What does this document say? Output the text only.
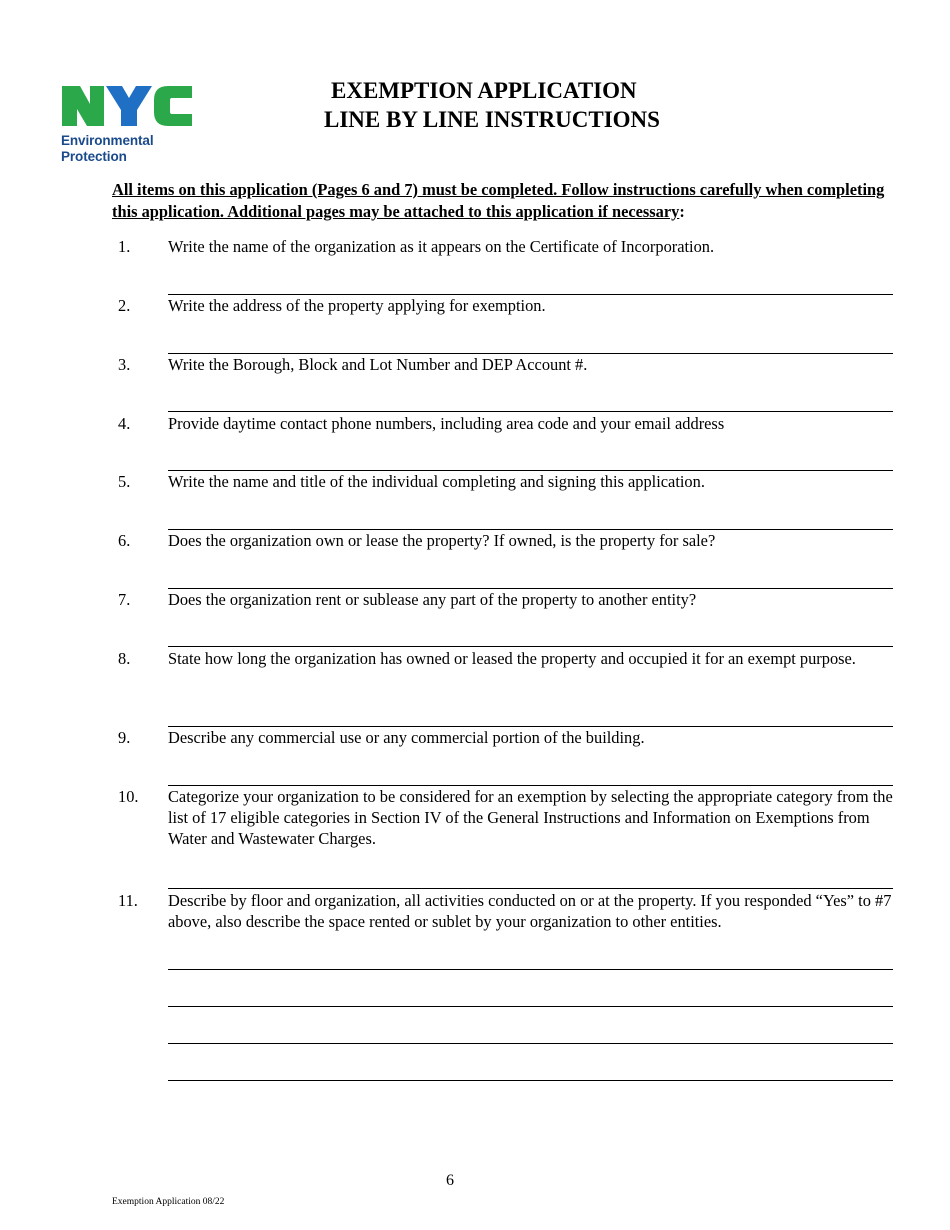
Environmental
Protection
EXEMPTION APPLICATION
LINE BY LINE INSTRUCTIONS
All items on this application (Pages 6 and 7) must be completed. Follow instructions carefully when completing this application. Additional pages may be attached to this application if necessary:
1. Write the name of the organization as it appears on the Certificate of Incorporation.
2. Write the address of the property applying for exemption.
3. Write the Borough, Block and Lot Number and DEP Account #.
4. Provide daytime contact phone numbers, including area code and your email address
5. Write the name and title of the individual completing and signing this application.
6. Does the organization own or lease the property? If owned, is the property for sale?
7. Does the organization rent or sublease any part of the property to another entity?
8. State how long the organization has owned or leased the property and occupied it for an exempt purpose.
9. Describe any commercial use or any commercial portion of the building.
10. Categorize your organization to be considered for an exemption by selecting the appropriate category from the list of 17 eligible categories in Section IV of the General Instructions and Information on Exemptions from Water and Wastewater Charges.
11. Describe by floor and organization, all activities conducted on or at the property. If you responded “Yes” to #7 above, also describe the space rented or sublet by your organization to other entities.
6
Exemption Application 08/22
